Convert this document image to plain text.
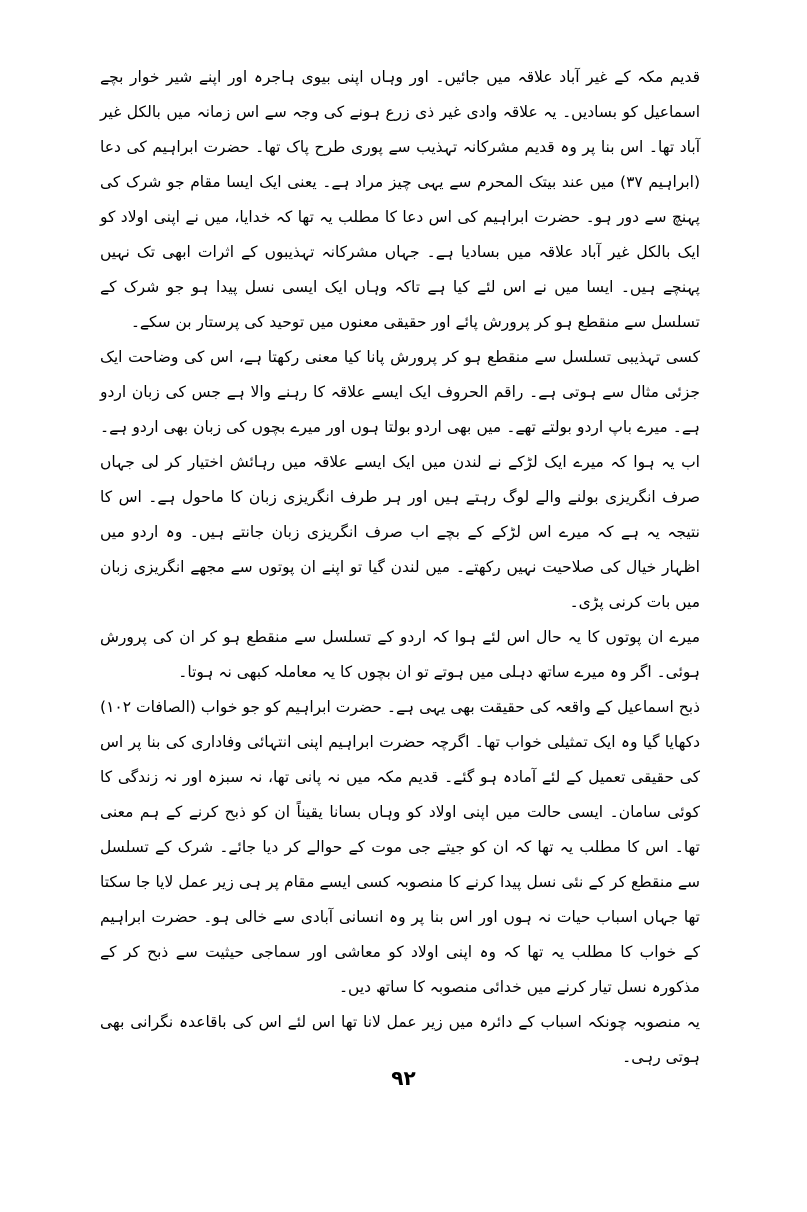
قدیم مکہ کے غیر آباد علاقہ میں جائیں۔ اور وہاں اپنی بیوی ہاجرہ اور اپنے شیر خوار بچے اسماعیل کو بسادیں۔ یہ علاقہ وادی غیر ذی زرع ہونے کی وجہ سے اس زمانہ میں بالکل غیر آباد تھا۔ اس بنا پر وہ قدیم مشرکانہ تہذیب سے پوری طرح پاک تھا۔ حضرت ابراہیم کی دعا (ابراہیم ۳۷) میں عند بیتک المحرم سے یہی چیز مراد ہے۔ یعنی ایک ایسا مقام جو شرک کی پہنچ سے دور ہو۔ حضرت ابراہیم کی اس دعا کا مطلب یہ تھا کہ خدایا، میں نے اپنی اولاد کو ایک بالکل غیر آباد علاقہ میں بسادیا ہے۔ جہاں مشرکانہ تہذیبوں کے اثرات ابھی تک نہیں پہنچے ہیں۔ ایسا میں نے اس لئے کیا ہے تاکہ وہاں ایک ایسی نسل پیدا ہو جو شرک کے تسلسل سے منقطع ہو کر پرورش پائے اور حقیقی معنوں میں توحید کی پرستار بن سکے۔

کسی تہذیبی تسلسل سے منقطع ہو کر پرورش پانا کیا معنی رکھتا ہے، اس کی وضاحت ایک جزئی مثال سے ہوتی ہے۔ راقم الحروف ایک ایسے علاقہ کا رہنے والا ہے جس کی زبان اردو ہے۔ میرے باپ اردو بولتے تھے۔ میں بھی اردو بولتا ہوں اور میرے بچوں کی زبان بھی اردو ہے۔ اب یہ ہوا کہ میرے ایک لڑکے نے لندن میں ایک ایسے علاقہ میں رہائش اختیار کر لی جہاں صرف انگریزی بولنے والے لوگ رہتے ہیں اور ہر طرف انگریزی زبان کا ماحول ہے۔ اس کا نتیجہ یہ ہے کہ میرے اس لڑکے کے بچے اب صرف انگریزی زبان جانتے ہیں۔ وہ اردو میں اظہار خیال کی صلاحیت نہیں رکھتے۔ میں لندن گیا تو اپنے ان پوتوں سے مجھے انگریزی زبان میں بات کرنی پڑی۔

میرے ان پوتوں کا یہ حال اس لئے ہوا کہ اردو کے تسلسل سے منقطع ہو کر ان کی پرورش ہوئی۔ اگر وہ میرے ساتھ دہلی میں ہوتے تو ان بچوں کا یہ معاملہ کبھی نہ ہوتا۔

ذبح اسماعیل کے واقعہ کی حقیقت بھی یہی ہے۔ حضرت ابراہیم کو جو خواب (الصافات ۱۰۲) دکھایا گیا وہ ایک تمثیلی خواب تھا۔ اگرچہ حضرت ابراہیم اپنی انتہائی وفاداری کی بنا پر اس کی حقیقی تعمیل کے لئے آمادہ ہو گئے۔ قدیم مکہ میں نہ پانی تھا، نہ سبزہ اور نہ زندگی کا کوئی سامان۔ ایسی حالت میں اپنی اولاد کو وہاں بسانا یقیناً ان کو ذبح کرنے کے ہم معنی تھا۔ اس کا مطلب یہ تھا کہ ان کو جیتے جی موت کے حوالے کر دیا جائے۔ شرک کے تسلسل سے منقطع کر کے نئی نسل پیدا کرنے کا منصوبہ کسی ایسے مقام پر ہی زیر عمل لایا جا سکتا تھا جہاں اسباب حیات نہ ہوں اور اس بنا پر وہ انسانی آبادی سے خالی ہو۔ حضرت ابراہیم کے خواب کا مطلب یہ تھا کہ وہ اپنی اولاد کو معاشی اور سماجی حیثیت سے ذبح کر کے مذکورہ نسل تیار کرنے میں خدائی منصوبہ کا ساتھ دیں۔

یہ منصوبہ چونکہ اسباب کے دائرہ میں زیر عمل لانا تھا اس لئے اس کی باقاعدہ نگرانی بھی ہوتی رہی۔

۹۲
